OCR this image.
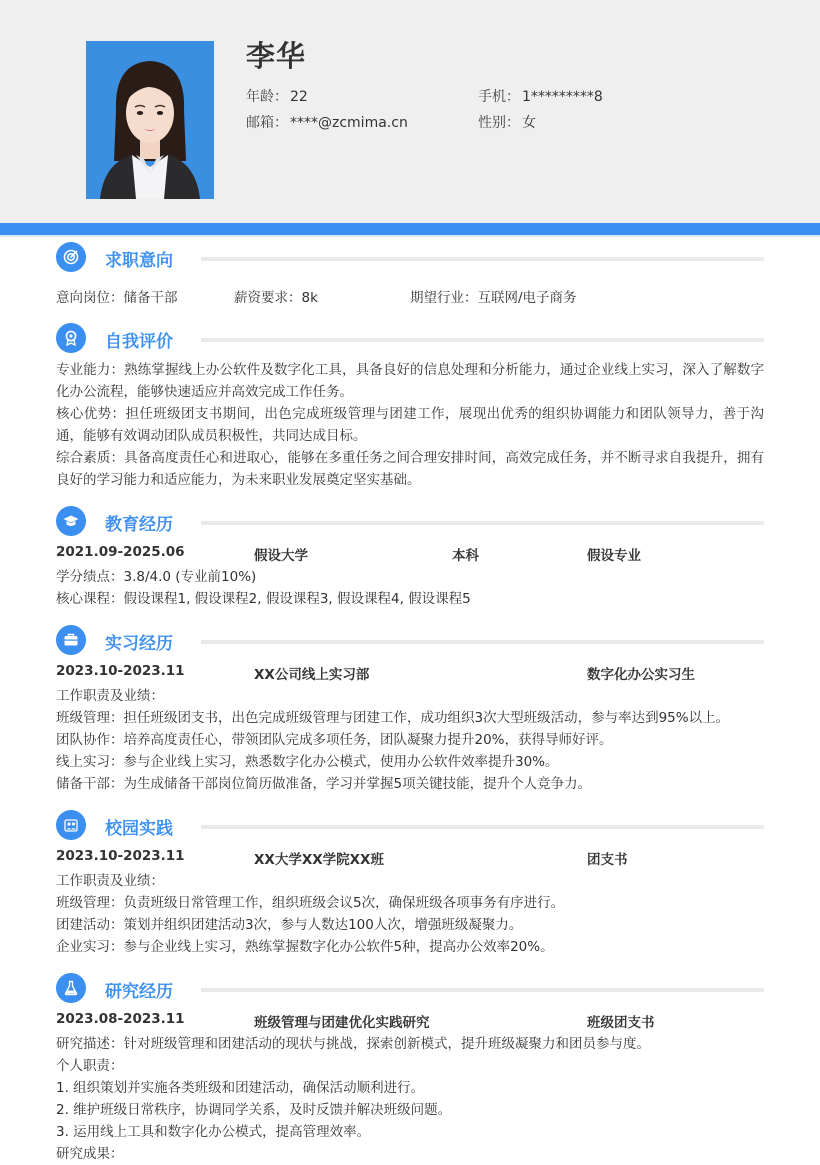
李华
年龄： 22	手机： 1*********8
邮箱： ****@zcmima.cn	性别： 女
求职意向
意向岗位：储备干部	薪资要求：8k	期望行业：互联网/电子商务
自我评价

专业能力：熟练掌握线上办公软件及数字化工具，具备良好的信息处理和分析能力，通过企业线上实习，深入了解数字化办公流程，能够快速适应并高效完成工作任务。

核心优势：担任班级团支书期间，出色完成班级管理与团建工作，展现出优秀的组织协调能力和团队领导力，善于沟通，能够有效调动团队成员积极性，共同达成目标。

综合素质：具备高度责任心和进取心，能够在多重任务之间合理安排时间，高效完成任务，并不断寻求自我提升，拥有良好的学习能力和适应能力，为未来职业发展奠定坚实基础。

教育经历
2021.09-2025.06	假设大学	本科	假设专业

学分绩点：3.8/4.0 (专业前10%)

核心课程：假设课程1, 假设课程2, 假设课程3, 假设课程4, 假设课程5

实习经历
2023.10-2023.11	XX公司线上实习部	数字化办公实习生

工作职责及业绩：

班级管理：担任班级团支书，出色完成班级管理与团建工作，成功组织3次大型班级活动，参与率达到95%以上。

团队协作：培养高度责任心，带领团队完成多项任务，团队凝聚力提升20%，获得导师好评。

线上实习：参与企业线上实习，熟悉数字化办公模式，使用办公软件效率提升30%。

储备干部：为生成储备干部岗位简历做准备，学习并掌握5项关键技能，提升个人竞争力。

校园实践
2023.10-2023.11	XX大学XX学院XX班	团支书

工作职责及业绩：

班级管理：负责班级日常管理工作，组织班级会议5次，确保班级各项事务有序进行。

团建活动：策划并组织团建活动3次，参与人数达100人次，增强班级凝聚力。

企业实习：参与企业线上实习，熟练掌握数字化办公软件5种，提高办公效率20%。

研究经历
2023.08-2023.11	班级管理与团建优化实践研究	班级团支书

研究描述：针对班级管理和团建活动的现状与挑战，探索创新模式，提升班级凝聚力和团员参与度。

个人职责：

1. 组织策划并实施各类班级和团建活动，确保活动顺利进行。

2. 维护班级日常秩序，协调同学关系，及时反馈并解决班级问题。

3. 运用线上工具和数字化办公模式，提高管理效率。

研究成果：
